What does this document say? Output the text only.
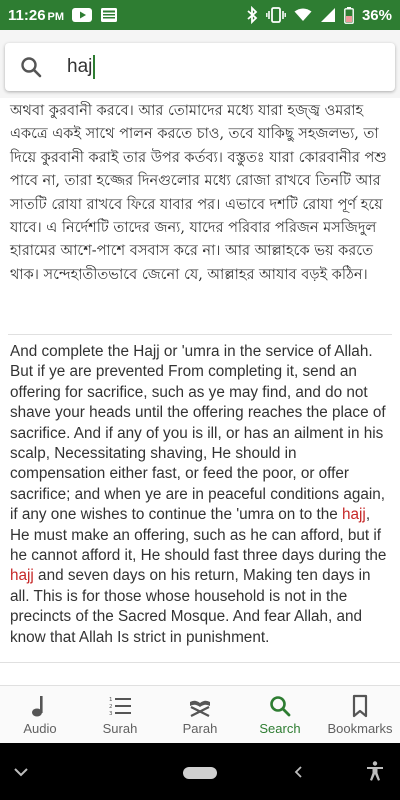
11:26 PM	36%
haj
অথবা কুরবানী করবে। আর তোমাদের মধ্যে যারা হজ্জ্ব ওমরাহ একত্রে একই সাথে পালন করতে চাও, তবে যাকিছু সহজলভ্য, তা দিয়ে কুরবানী করাই তার উপর কর্তব্য। বস্তুতঃ যারা কোরবানীর পশু পাবে না, তারা হজ্জের দিনগুলোর মধ্যে রোজা রাখবে তিনটি আর সাতটি রোযা রাখবে ফিরে যাবার পর। এভাবে দশটি রোযা পূর্ণ হয়ে যাবে। এ নির্দেশটি তাদের জন্য, যাদের পরিবার পরিজন মসজিদুল হারামের আশে-পাশে বসবাস করে না। আর আল্লাহকে ভয় করতে থাক। সন্দেহাতীতভাবে জেনো যে, আল্লাহর আযাব বড়ই কঠিন।
And complete the Hajj or 'umra in the service of Allah. But if ye are prevented From completing it, send an offering for sacrifice, such as ye may find, and do not shave your heads until the offering reaches the place of sacrifice. And if any of you is ill, or has an ailment in his scalp, Necessitating shaving, He should in compensation either fast, or feed the poor, or offer sacrifice; and when ye are in peaceful conditions again, if any one wishes to continue the 'umra on to the hajj, He must make an offering, such as he can afford, but if he cannot afford it, He should fast three days during the hajj and seven days on his return, Making ten days in all. This is for those whose household is not in the precincts of the Sacred Mosque. And fear Allah, and know that Allah Is strict in punishment.
Audio
1
2
3
Surah	Parah	Search Bookmarks
